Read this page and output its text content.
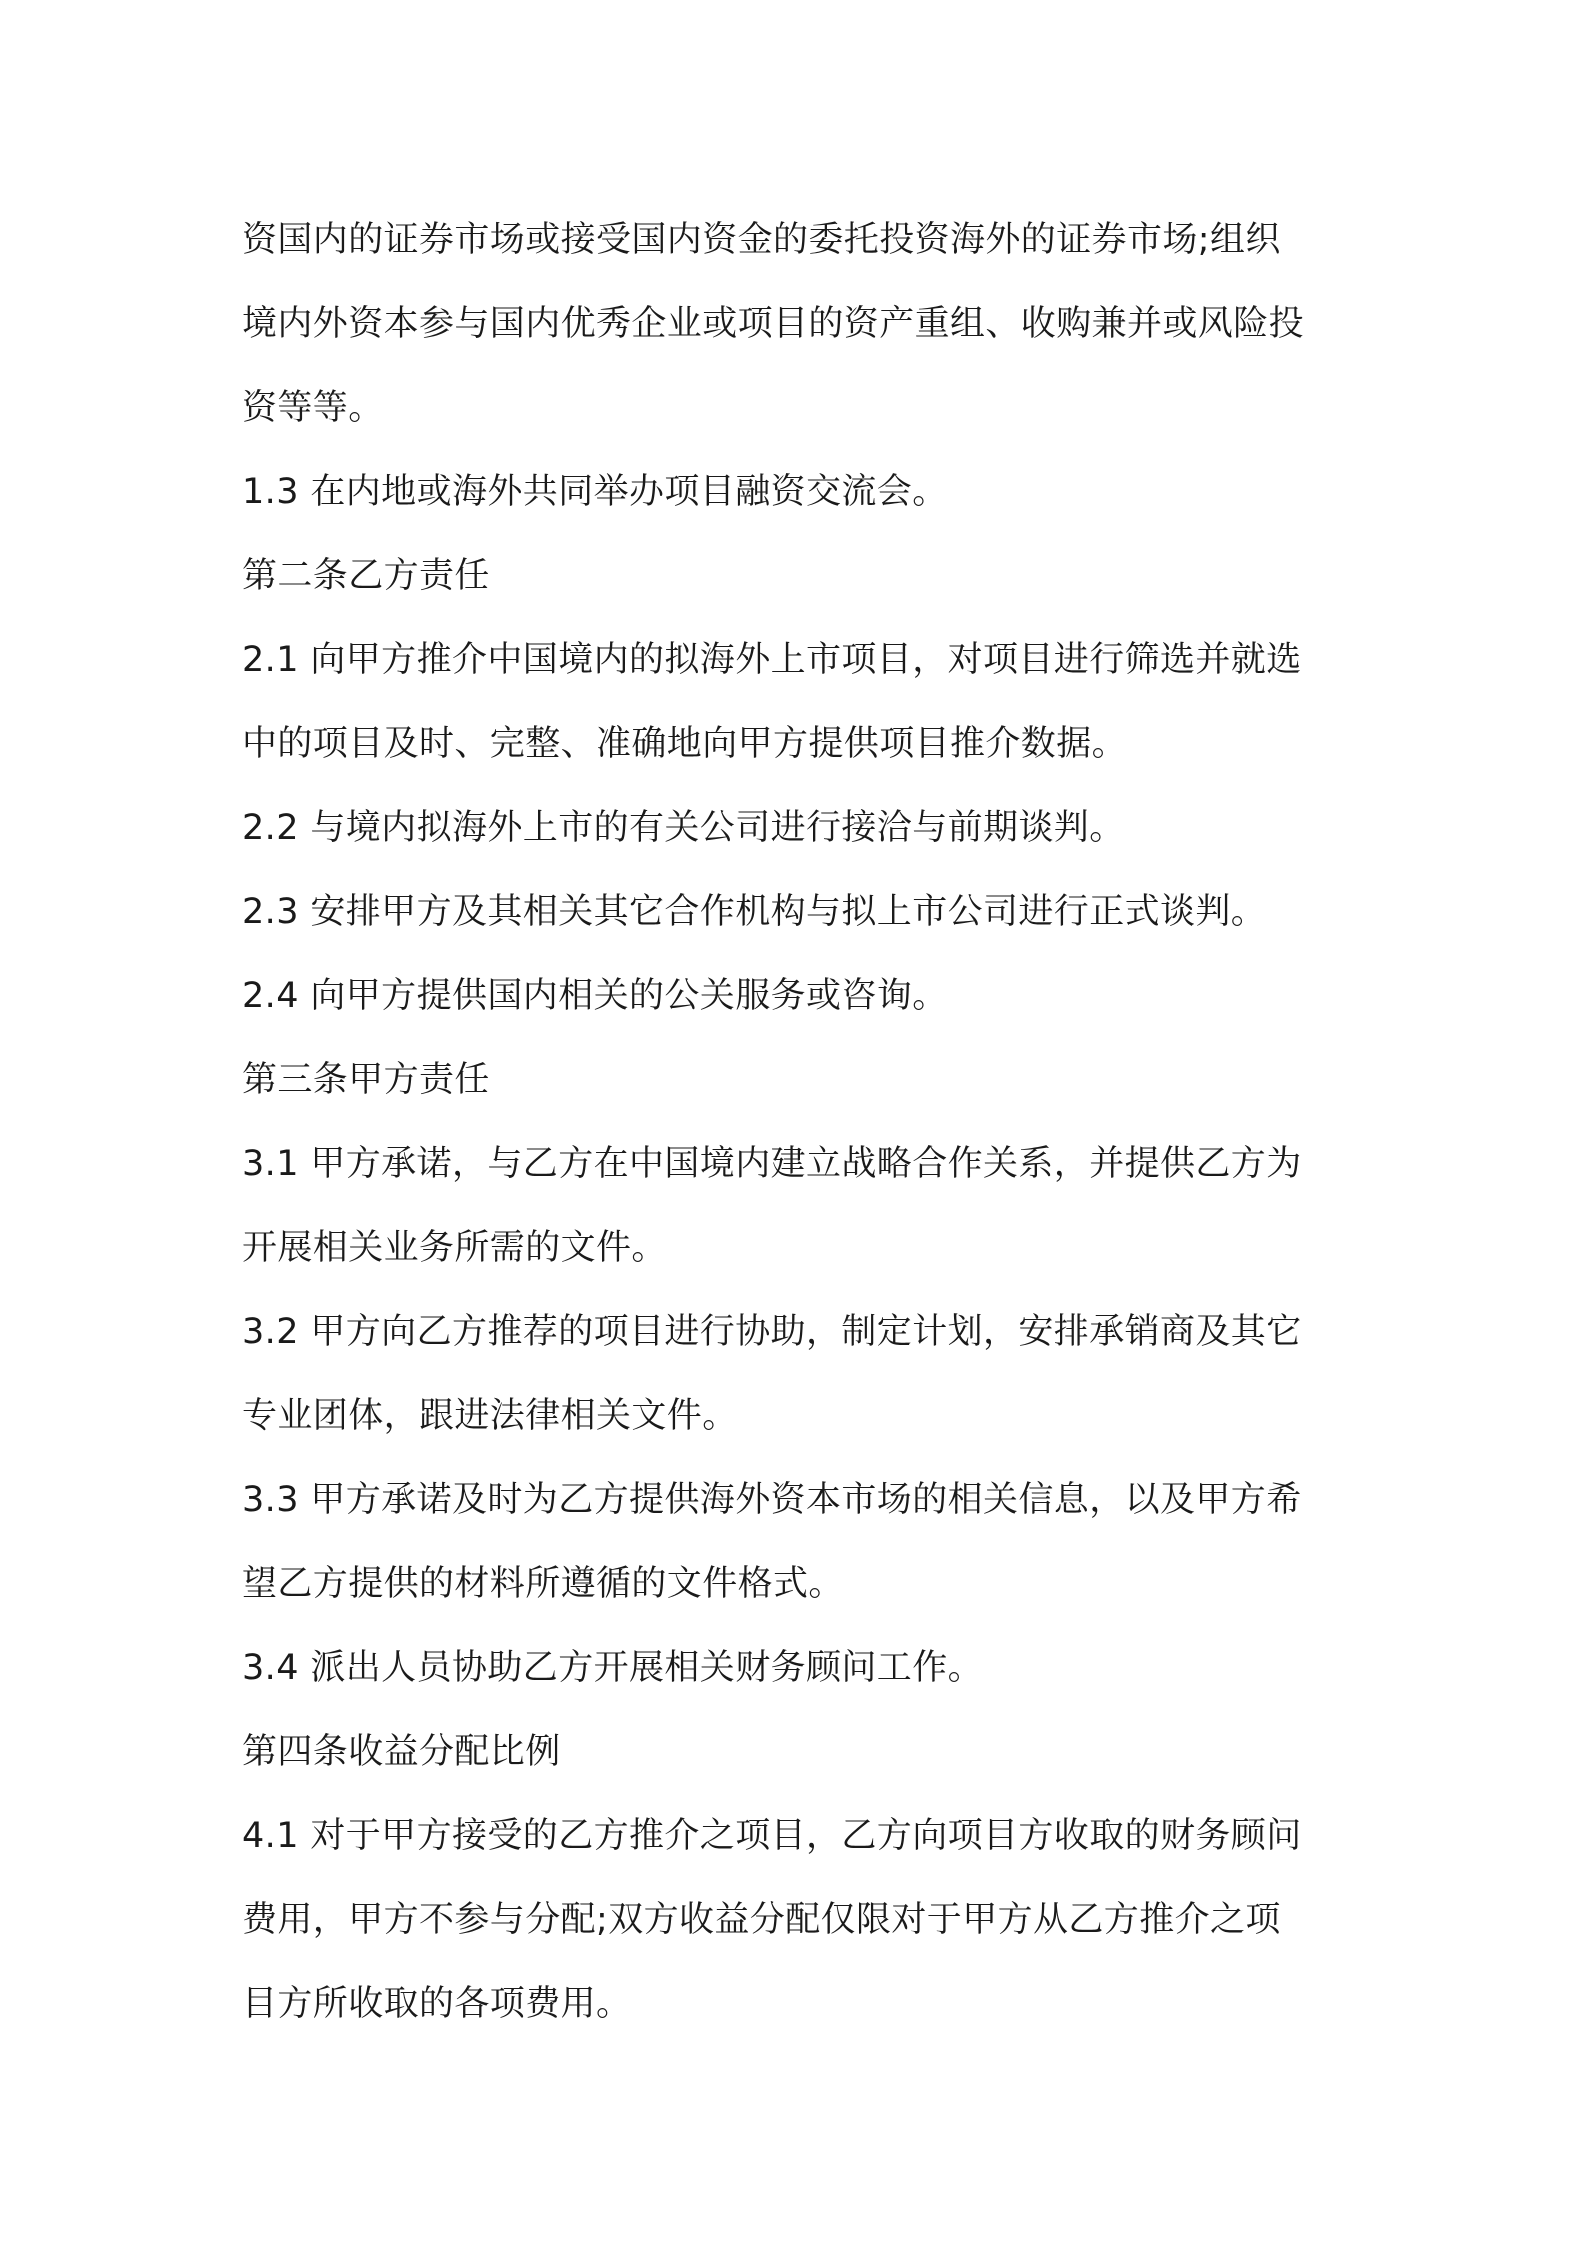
资国内的证券市场或接受国内资金的委托投资海外的证券市场;组织
境内外资本参与国内优秀企业或项目的资产重组、收购兼并或风险投
资等等。
1.3 在内地或海外共同举办项目融资交流会。
第二条乙方责任
2.1 向甲方推介中国境内的拟海外上市项目，对项目进行筛选并就选
中的项目及时、完整、准确地向甲方提供项目推介数据。
2.2 与境内拟海外上市的有关公司进行接洽与前期谈判。
2.3 安排甲方及其相关其它合作机构与拟上市公司进行正式谈判。
2.4 向甲方提供国内相关的公关服务或咨询。
第三条甲方责任
3.1 甲方承诺，与乙方在中国境内建立战略合作关系，并提供乙方为
开展相关业务所需的文件。
3.2 甲方向乙方推荐的项目进行协助，制定计划，安排承销商及其它
专业团体，跟进法律相关文件。
3.3 甲方承诺及时为乙方提供海外资本市场的相关信息，以及甲方希
望乙方提供的材料所遵循的文件格式。
3.4 派出人员协助乙方开展相关财务顾问工作。
第四条收益分配比例
4.1 对于甲方接受的乙方推介之项目，乙方向项目方收取的财务顾问
费用，甲方不参与分配;双方收益分配仅限对于甲方从乙方推介之项
目方所收取的各项费用。
